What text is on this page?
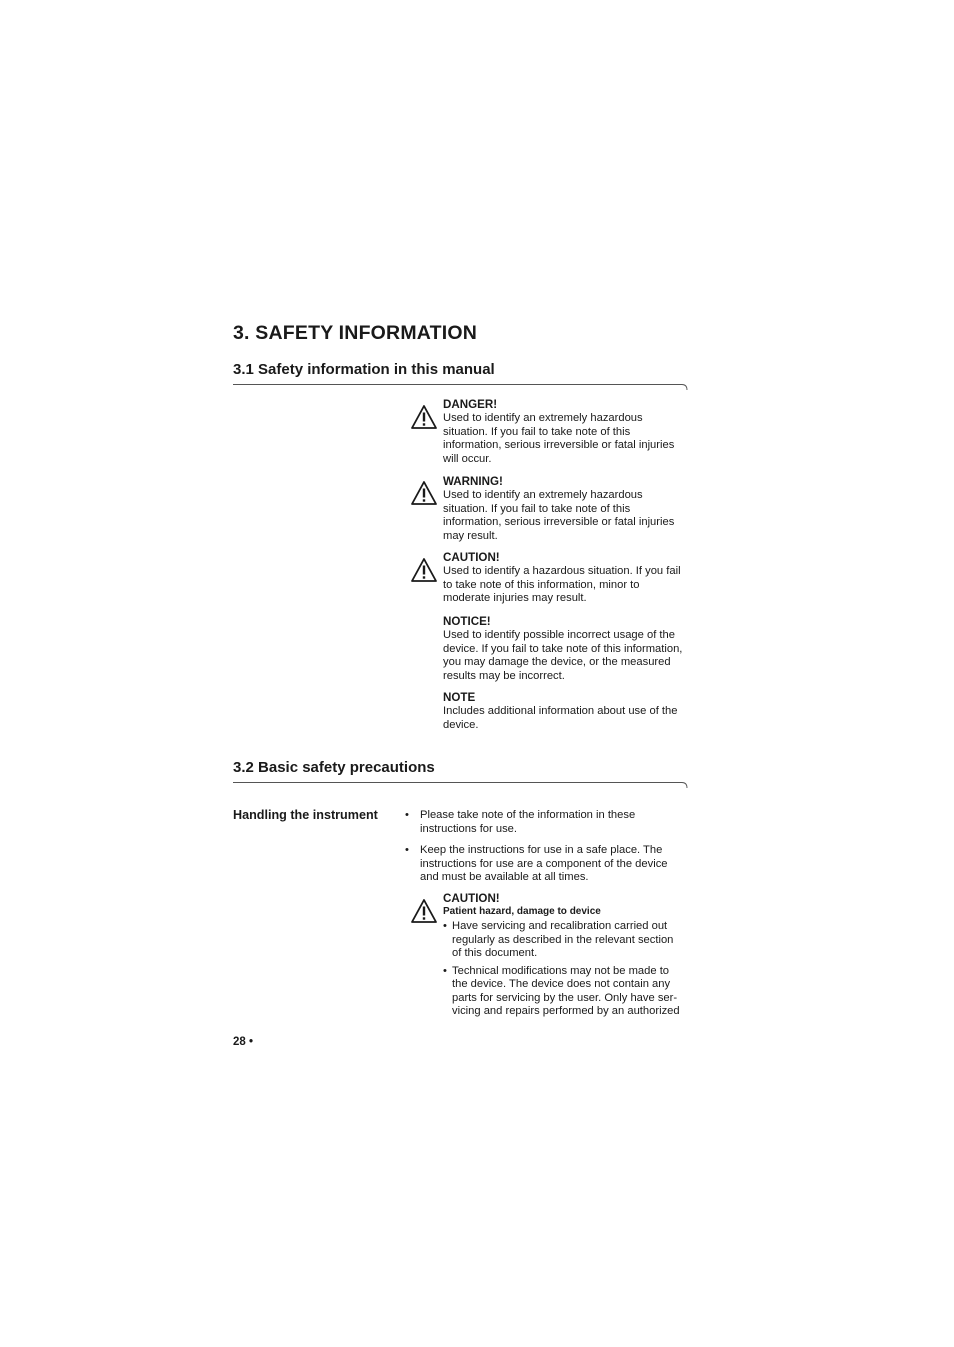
3. SAFETY INFORMATION
3.1 Safety information in this manual
DANGER!
Used to identify an extremely hazardous
situation. If you fail to take note of this
information, serious irreversible or fatal injuries
will occur.
WARNING!
Used to identify an extremely hazardous
situation. If you fail to take note of this
information, serious irreversible or fatal injuries
may result.
CAUTION!
Used to identify a hazardous situation. If you fail
to take note of this information, minor to
moderate injuries may result.
NOTICE!
Used to identify possible incorrect usage of the
device. If you fail to take note of this information,
you may damage the device, or the measured
results may be incorrect.
NOTE
Includes additional information about use of the
device.
3.2 Basic safety precautions
Handling the instrument • Please take note of the information in these
instructions for use.
• Keep the instructions for use in a safe place. The
instructions for use are a component of the device
and must be available at all times.
CAUTION!
Patient hazard, damage to device
• Have servicing and recalibration carried out
regularly as described in the relevant section
of this document.
• Technical modifications may not be made to
the device. The device does not contain any
parts for servicing by the user. Only have ser-
vicing and repairs performed by an authorized
28 •
